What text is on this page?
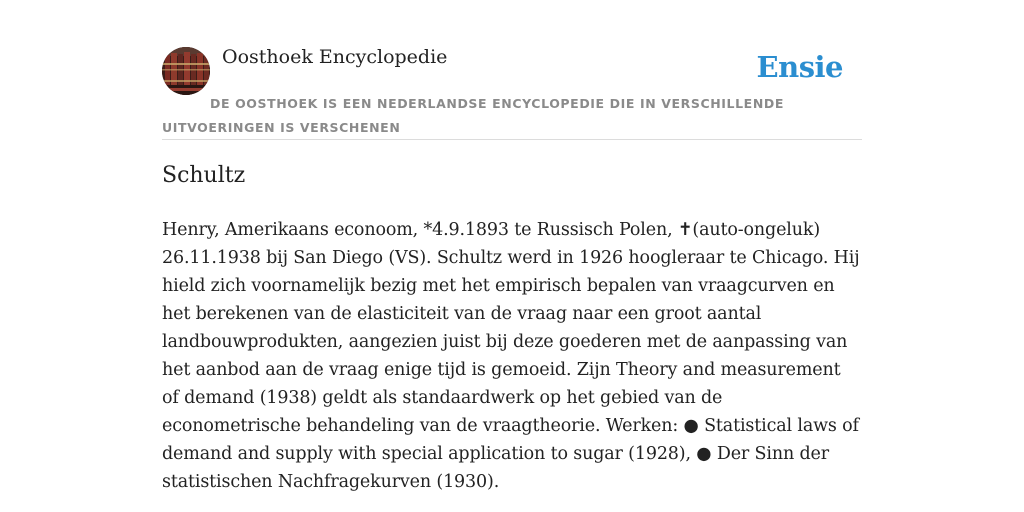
Oosthoek Encyclopedie	Ensie

DE OOSTHOEK IS EEN NEDERLANDSE ENCYCLOPEDIE DIE IN VERSCHILLENDE UITVOERINGEN IS VERSCHENEN

Schultz

Henry, Amerikaans econoom, *4.9.1893 te Russisch Polen, ✝(auto-ongeluk) 26.11.1938 bij San Diego (VS). Schultz werd in 1926 hoogleraar te Chicago. Hij hield zich voornamelijk bezig met het empirisch bepalen van vraagcurven en het berekenen van de elasticiteit van de vraag naar een groot aantal landbouwprodukten, aangezien juist bij deze goederen met de aanpassing van het aanbod aan de vraag enige tijd is gemoeid. Zijn Theory and measurement of demand (1938) geldt als standaardwerk op het gebied van de econometrische behandeling van de vraagtheorie. Werken: ● Statistical laws of demand and supply with special application to sugar (1928), ● Der Sinn der statistischen Nachfragekurven (1930).
